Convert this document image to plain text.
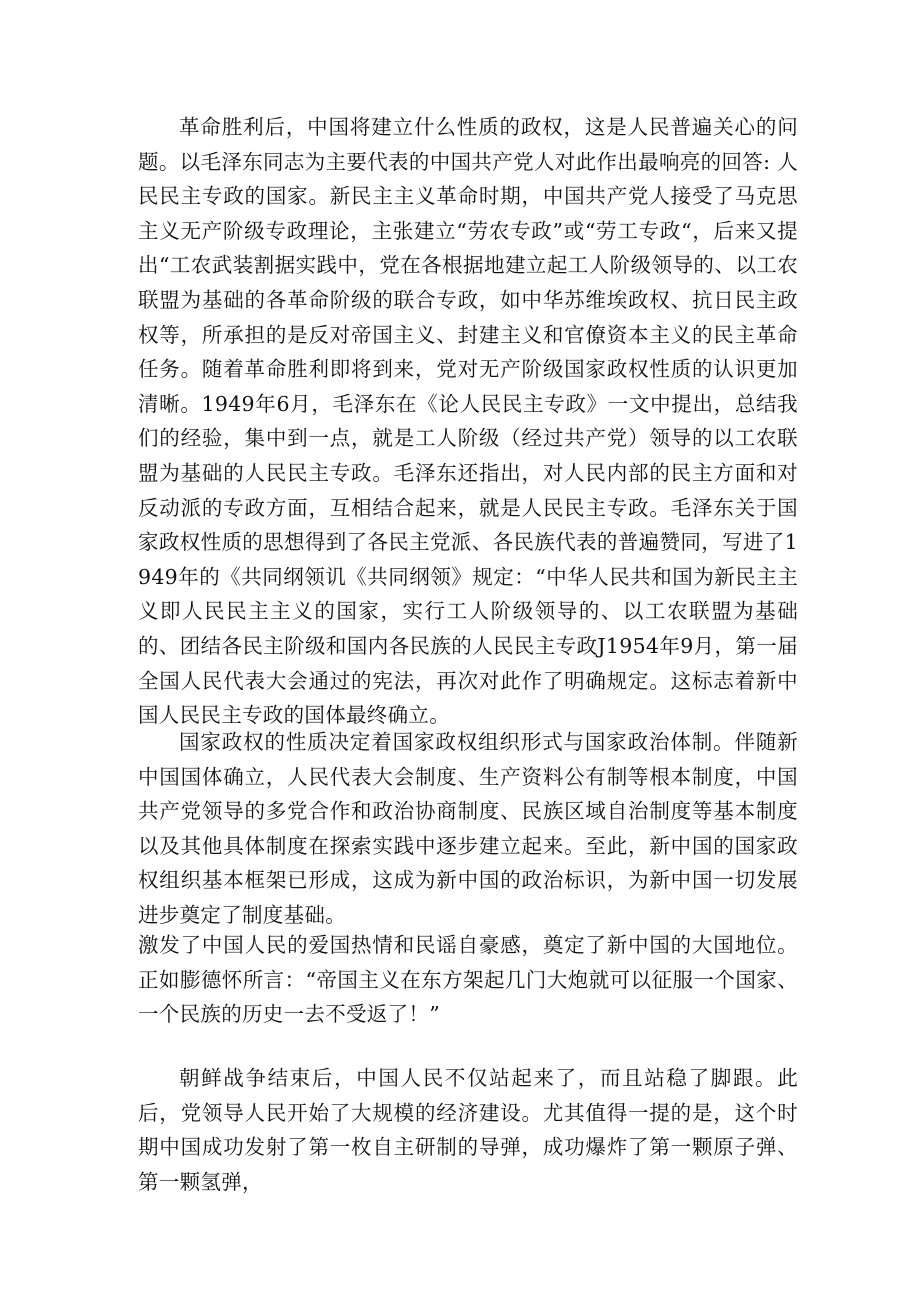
革命胜利后，中国将建立什么性质的政权，这是人民普遍关心的问题。以毛泽东同志为主要代表的中国共产党人对此作出最响亮的回答: 人民民主专政的国家。新民主主义革命时期，中国共产党人接受了马克思主义无产阶级专政理论，主张建立“劳农专政”或“劳工专政“，后来又提出“工农武装割据实践中，党在各根据地建立起工人阶级领导的、以工农联盟为基础的各革命阶级的联合专政，如中华苏维埃政权、抗日民主政权等，所承担的是反对帝国主义、封建主义和官僚资本主义的民主革命任务。随着革命胜利即将到来，党对无产阶级国家政权性质的认识更加清晰。1949年6月，毛泽东在《论人民民主专政》一文中提出，总结我们的经验，集中到一点，就是工人阶级（经过共产党）领导的以工农联盟为基础的人民民主专政。毛泽东还指出，对人民内部的民主方面和对反动派的专政方面，互相结合起来，就是人民民主专政。毛泽东关于国家政权性质的思想得到了各民主党派、各民族代表的普遍赞同，写进了1949年的《共同纲领讥《共同纲领》规定：“中华人民共和国为新民主主义即人民民主主义的国家，实行工人阶级领导的、以工农联盟为基础的、团结各民主阶级和国内各民族的人民民主专政J1954年9月，第一届全国人民代表大会通过的宪法，再次对此作了明确规定。这标志着新中国人民民主专政的国体最终确立。

国家政权的性质决定着国家政权组织形式与国家政治体制。伴随新中国国体确立，人民代表大会制度、生产资料公有制等根本制度，中国共产党领导的多党合作和政治协商制度、民族区域自治制度等基本制度以及其他具体制度在探索实践中逐步建立起来。至此，新中国的国家政权组织基本框架已形成，这成为新中国的政治标识，为新中国一切发展进步奠定了制度基础。

激发了中国人民的爱国热情和民谣自豪感，奠定了新中国的大国地位。正如膨德怀所言：“帝国主义在东方架起几门大炮就可以征服一个国家、一个民族的历史一去不受返了！”

朝鲜战争结束后，中国人民不仅站起来了，而且站稳了脚跟。此后，党领导人民开始了大规模的经济建设。尤其值得一提的是，这个时期中国成功发射了第一枚自主研制的导弹，成功爆炸了第一颗原子弹、第一颗氢弹，
